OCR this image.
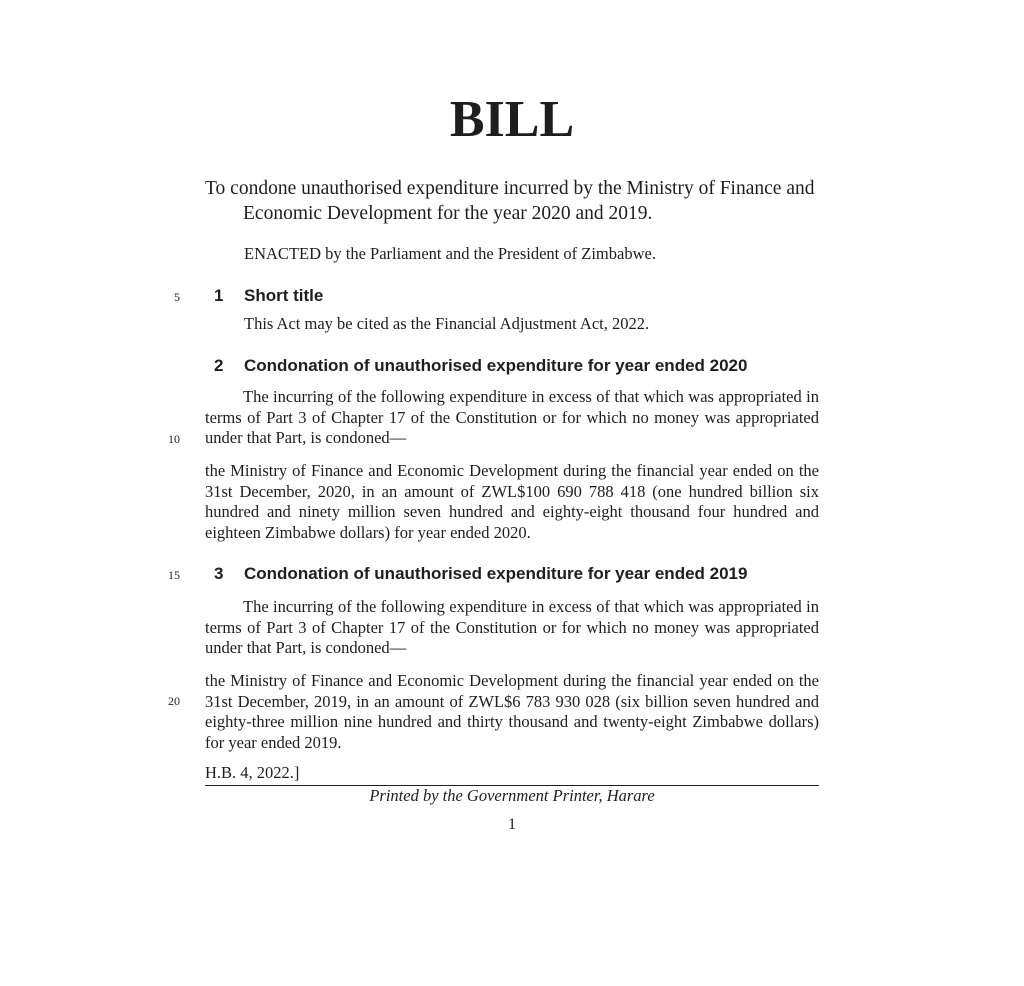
BILL
To condone unauthorised expenditure incurred by the Ministry of Finance and Economic Development for the year 2020 and 2019.
ENACTED by the Parliament and the President of Zimbabwe.
5
10
15
20
1 Short title
This Act may be cited as the Financial Adjustment Act, 2022.
2 Condonation of unauthorised expenditure for year ended 2020
The incurring of the following expenditure in excess of that which was appropriated in terms of Part 3 of Chapter 17 of the Constitution or for which no money was appropriated under that Part, is condoned—
the Ministry of Finance and Economic Development during the financial year ended on the 31st December, 2020, in an amount of ZWL$100 690 788 418 (one hundred billion six hundred and ninety million seven hundred and eighty-eight thousand four hundred and eighteen Zimbabwe dollars) for year ended 2020.
3 Condonation of unauthorised expenditure for year ended 2019
The incurring of the following expenditure in excess of that which was appropriated in terms of Part 3 of Chapter 17 of the Constitution or for which no money was appropriated under that Part, is condoned—
the Ministry of Finance and Economic Development during the financial year ended on the 31st December, 2019, in an amount of ZWL$6 783 930 028 (six billion seven hundred and eighty-three million nine hundred and thirty thousand and twenty-eight Zimbabwe dollars) for year ended 2019.
H.B. 4, 2022.]
Printed by the Government Printer, Harare
1
